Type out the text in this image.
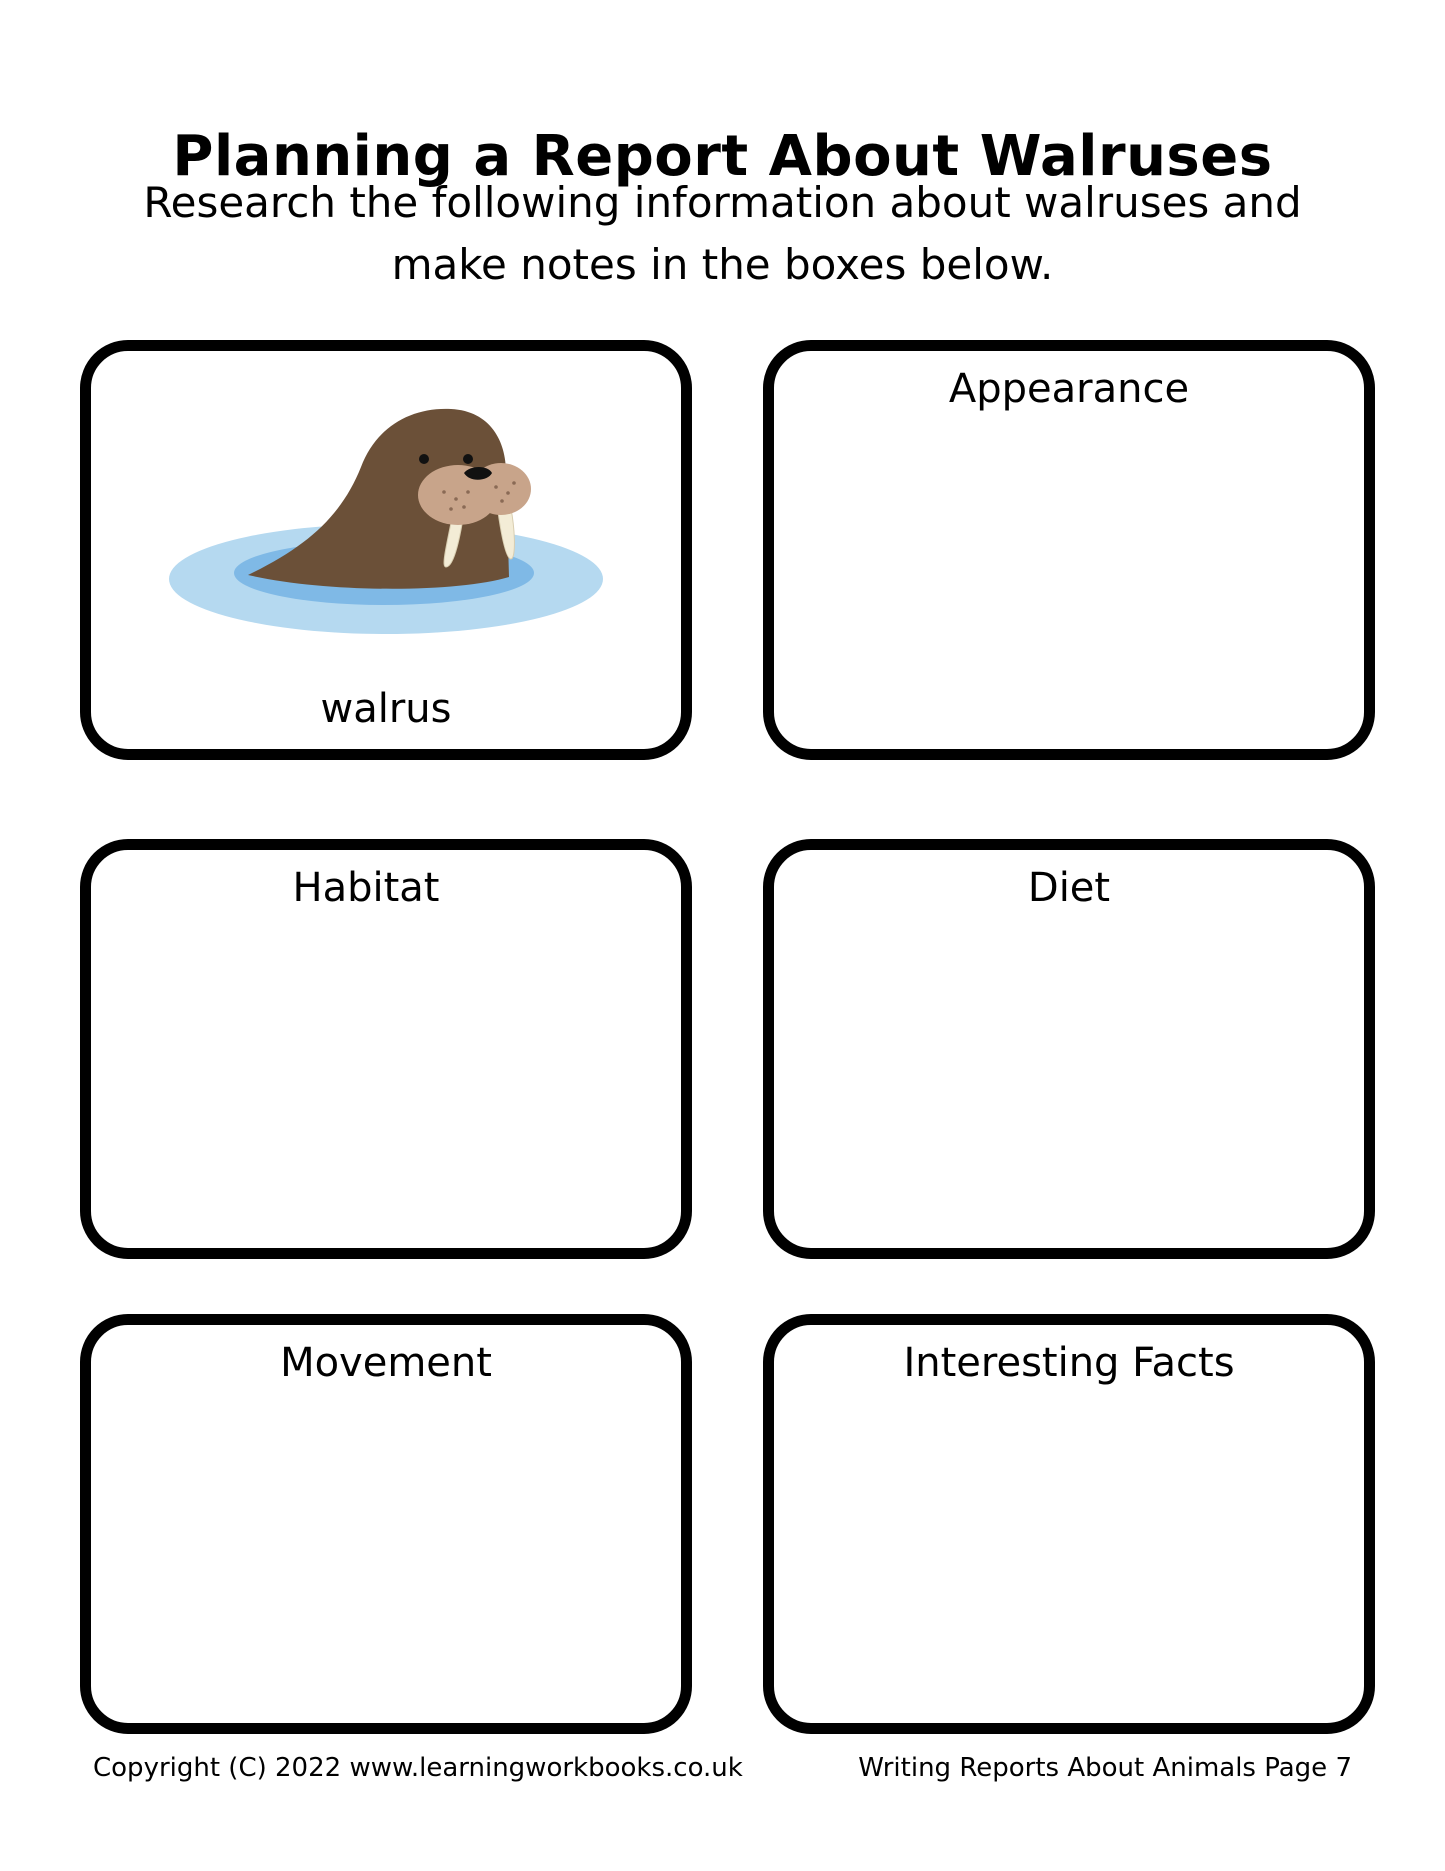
Planning a Report About Walruses
Research the following information about walruses and
make notes in the boxes below.
walrus
Appearance
Habitat	Diet
Movement	Interesting Facts
Copyright (C) 2022 www.learningworkbooks.co.uk	Writing Reports About Animals Page 7
